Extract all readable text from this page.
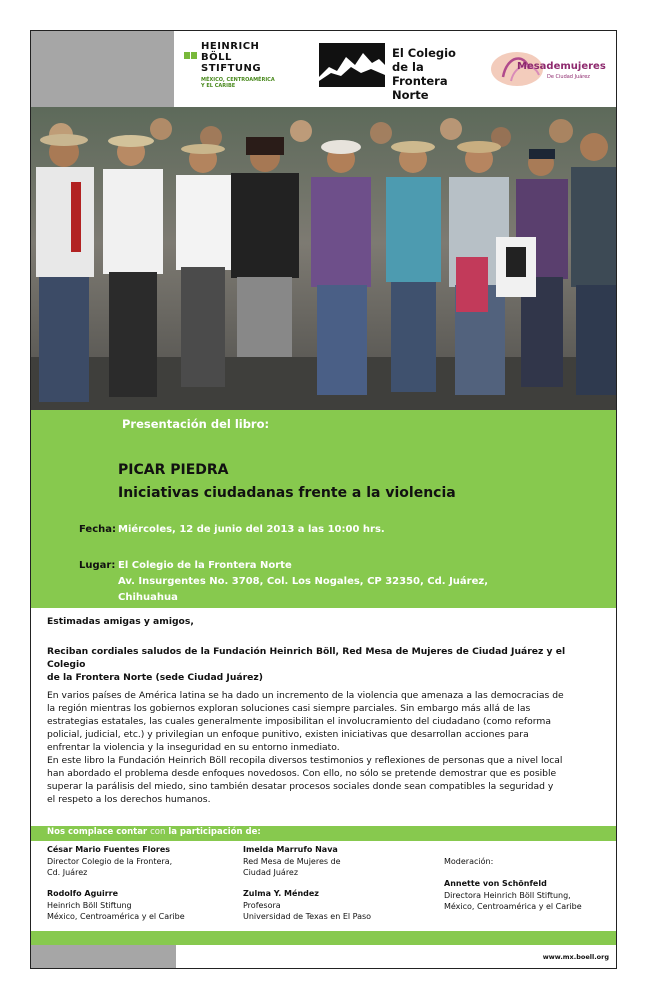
HEINRICH
BÖLL
STIFTUNG
MÉXICO, CENTROAMÉRICA
Y EL CARIBE
El Colegio
de la Frontera
Norte
Mesademujeres
De Ciudad Juárez
Presentación del libro:
PICAR PIEDRA
Iniciativas ciudadanas frente a la violencia
Fecha: Miércoles, 12 de junio del 2013 a las 10:00 hrs.
Lugar: El Colegio de la Frontera Norte
Av. Insurgentes No. 3708, Col. Los Nogales, CP 32350, Cd. Juárez,
Chihuahua
Estimadas amigas y amigos,
Reciban cordiales saludos de la Fundación Heinrich Böll, Red Mesa de Mujeres de Ciudad Juárez y el Colegio
de la Frontera Norte (sede Ciudad Juárez)
En varios países de América latina se ha dado un incremento de la violencia que amenaza a las democracias de
la región mientras los gobiernos exploran soluciones casi siempre parciales. Sin embargo más allá de las
estrategias estatales, las cuales generalmente imposibilitan el involucramiento del ciudadano (como reforma
policial, judicial, etc.) y privilegian un enfoque punitivo, existen iniciativas que desarrollan acciones para
enfrentar la violencia y la inseguridad en su entorno inmediato.
En este libro la Fundación Heinrich Böll recopila diversos testimonios y reflexiones de personas que a nivel local
han abordado el problema desde enfoques novedosos. Con ello, no sólo se pretende demostrar que es posible
superar la parálisis del miedo, sino también desatar procesos sociales donde sean compatibles la seguridad y
el respeto a los derechos humanos.
Nos complace contar con la participación de:
César Mario Fuentes Flores
Director Colegio de la Frontera,
Cd. Juárez
Rodolfo Aguirre
Heinrich Böll Stiftung
México, Centroamérica y el Caribe
Imelda Marrufo Nava
Red Mesa de Mujeres de
Ciudad Juárez
Zulma Y. Méndez
Profesora
Universidad de Texas en El Paso
Moderación:
Annette von Schönfeld
Directora Heinrich Böll Stiftung,
México, Centroamérica y el Caribe
www.mx.boell.org
